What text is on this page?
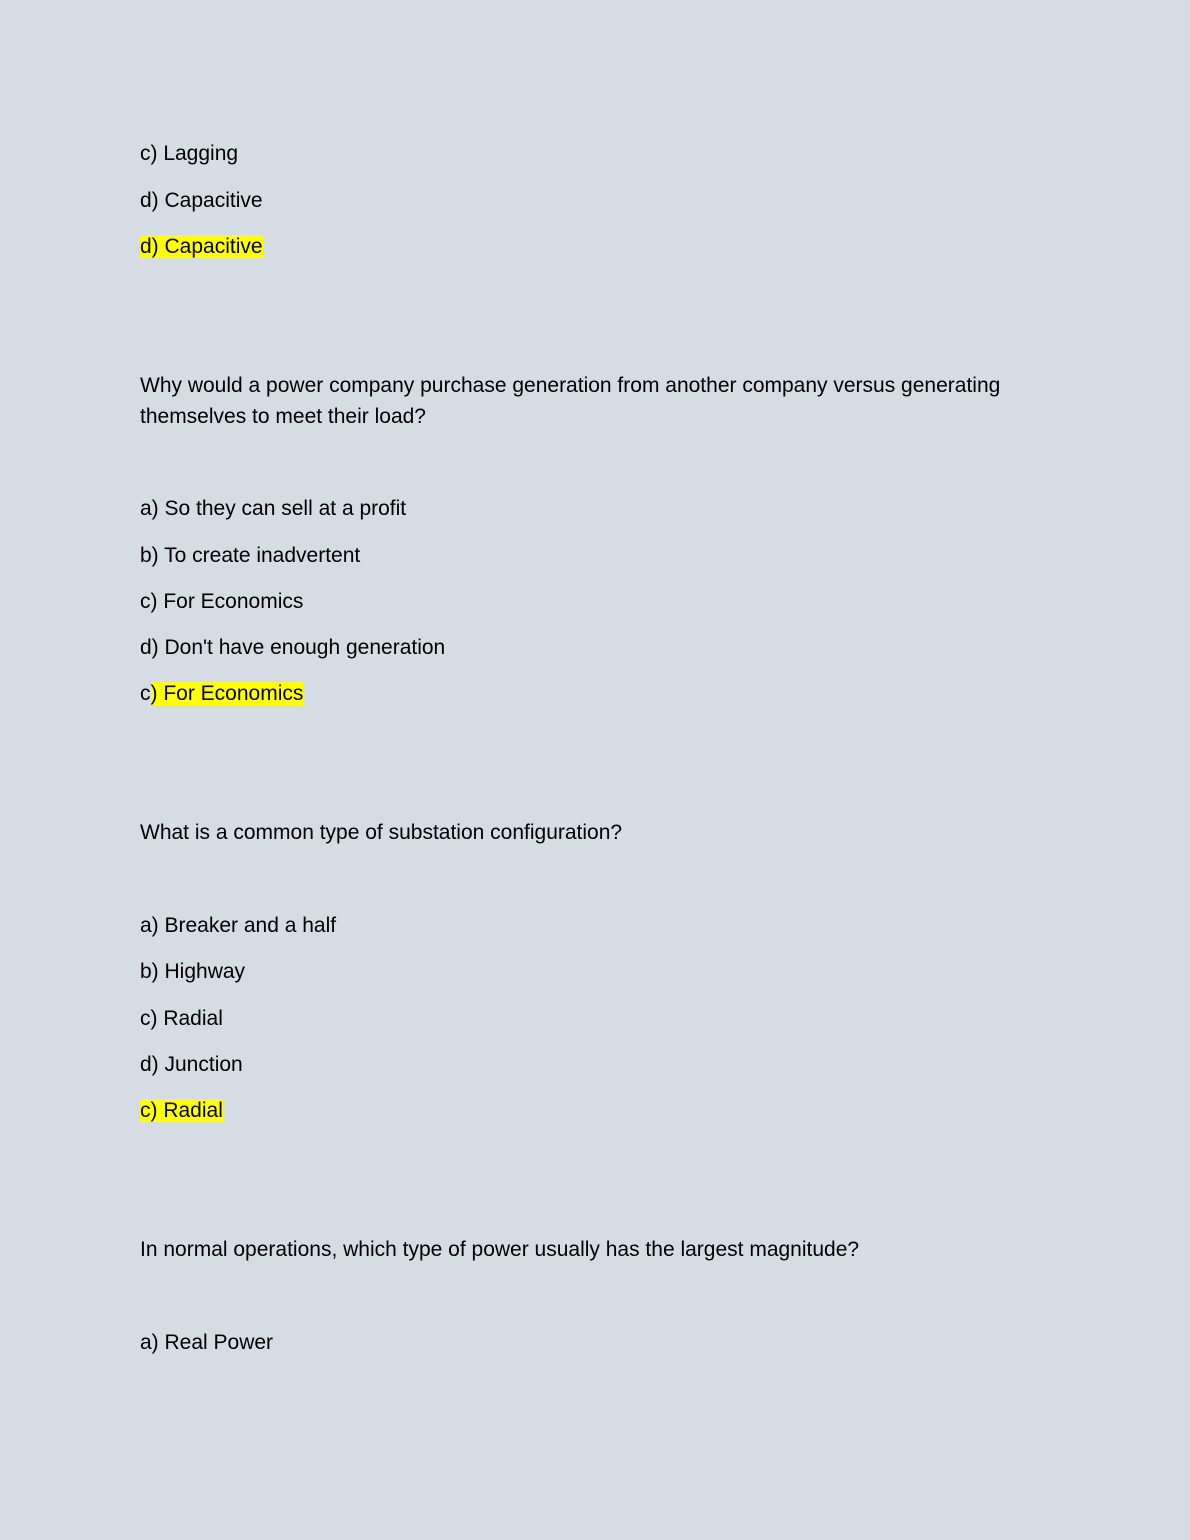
c) Lagging

d) Capacitive

d) Capacitive

Why would a power company purchase generation from another company versus generating themselves to meet their load?

a) So they can sell at a profit

b) To create inadvertent

c) For Economics

d) Don't have enough generation

c) For Economics

What is a common type of substation configuration?

a) Breaker and a half

b) Highway

c) Radial

d) Junction

c) Radial

In normal operations, which type of power usually has the largest magnitude?

a) Real Power
